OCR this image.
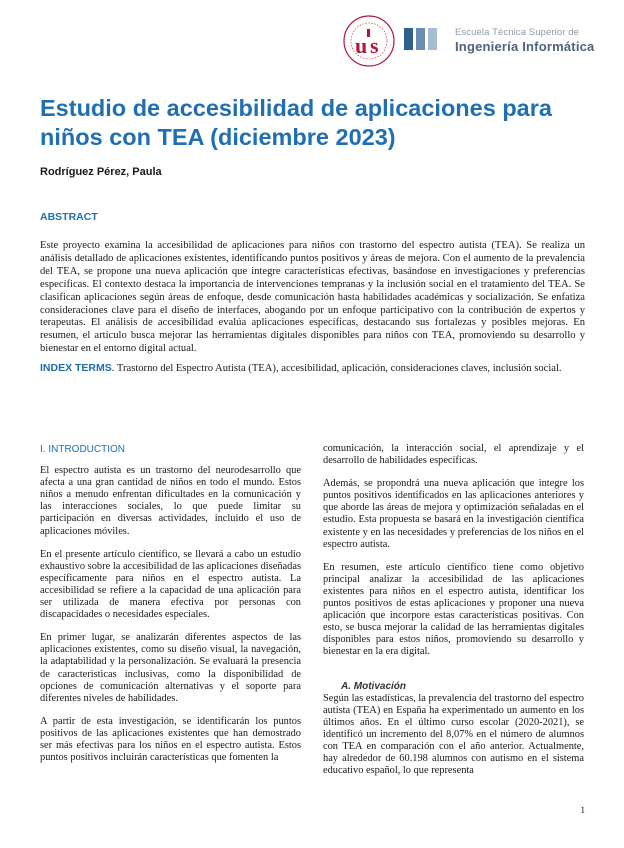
u s
Escuela Técnica Superior de
Ingeniería Informática
Estudio de accesibilidad de aplicaciones para niños con TEA (diciembre 2023)
Rodríguez Pérez, Paula
ABSTRACT
Este proyecto examina la accesibilidad de aplicaciones para niños con trastorno del espectro autista (TEA). Se realiza un análisis detallado de aplicaciones existentes, identificando puntos positivos y áreas de mejora. Con el aumento de la prevalencia del TEA, se propone una nueva aplicación que integre características efectivas, basándose en investigaciones y preferencias específicas. El contexto destaca la importancia de intervenciones tempranas y la inclusión social en el tratamiento del TEA. Se clasifican aplicaciones según áreas de enfoque, desde comunicación hasta habilidades académicas y socialización. Se enfatiza consideraciones clave para el diseño de interfaces, abogando por un enfoque participativo con la contribución de expertos y terapeutas. El análisis de accesibilidad evalúa aplicaciones específicas, destacando sus fortalezas y posibles mejoras. En resumen, el artículo busca mejorar las herramientas digitales disponibles para niños con TEA, promoviendo su desarrollo y bienestar en el entorno digital actual.
INDEX TERMS. Trastorno del Espectro Autista (TEA), accesibilidad, aplicación, consideraciones claves, inclusión social.
I. INTRODUCTION

El espectro autista es un trastorno del neurodesarrollo que afecta a una gran cantidad de niños en todo el mundo. Estos niños a menudo enfrentan dificultades en la comunicación y las interacciones sociales, lo que puede limitar su participación en diversas actividades, incluido el uso de aplicaciones móviles.

En el presente artículo científico, se llevará a cabo un estudio exhaustivo sobre la accesibilidad de las aplicaciones diseñadas específicamente para niños en el espectro autista. La accesibilidad se refiere a la capacidad de una aplicación para ser utilizada de manera efectiva por personas con discapacidades o necesidades especiales.

En primer lugar, se analizarán diferentes aspectos de las aplicaciones existentes, como su diseño visual, la navegación, la adaptabilidad y la personalización. Se evaluará la presencia de características inclusivas, como la disponibilidad de opciones de comunicación alternativas y el soporte para diferentes niveles de habilidades.

A partir de esta investigación, se identificarán los puntos positivos de las aplicaciones existentes que han demostrado ser más efectivas para los niños en el espectro autista. Estos puntos positivos incluirán características que fomenten la

comunicación, la interacción social, el aprendizaje y el desarrollo de habilidades específicas.

Además, se propondrá una nueva aplicación que integre los puntos positivos identificados en las aplicaciones anteriores y que aborde las áreas de mejora y optimización señaladas en el estudio. Esta propuesta se basará en la investigación científica existente y en las necesidades y preferencias de los niños en el espectro autista.

En resumen, este artículo científico tiene como objetivo principal analizar la accesibilidad de las aplicaciones existentes para niños en el espectro autista, identificar los puntos positivos de estas aplicaciones y proponer una nueva aplicación que incorpore estas características positivas. Con esto, se busca mejorar la calidad de las herramientas digitales disponibles para estos niños, promoviendo su desarrollo y bienestar en la era digital.

A. Motivación

Según las estadísticas, la prevalencia del trastorno del espectro autista (TEA) en España ha experimentado un aumento en los últimos años. En el último curso escolar (2020-2021), se identificó un incremento del 8,07% en el número de alumnos con TEA en comparación con el año anterior. Actualmente, hay alrededor de 60.198 alumnos con autismo en el sistema educativo español, lo que representa

1
